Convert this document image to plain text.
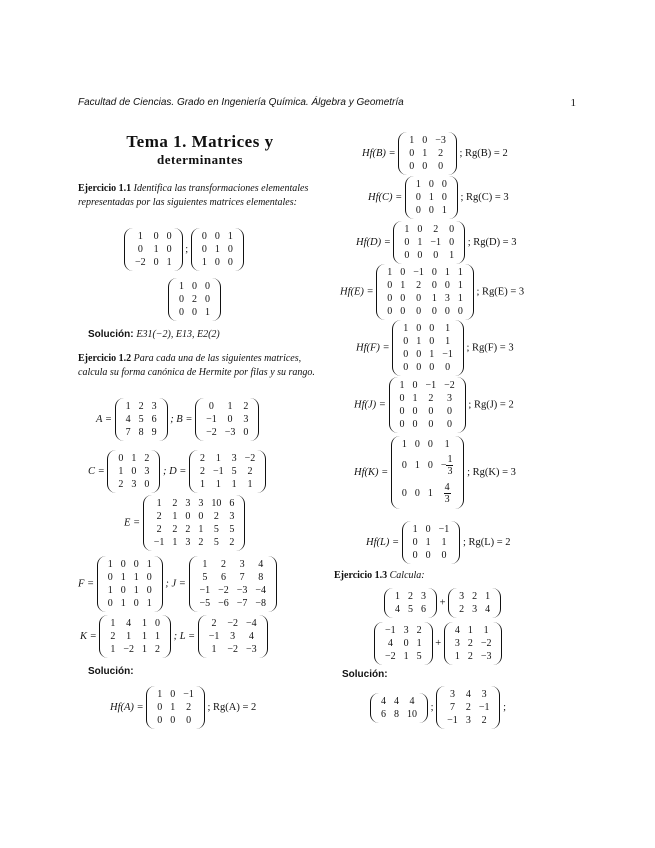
Facultad de Ciencias. Grado en Ingeniería Química. Álgebra y Geometría	1
Tema 1. Matrices y
determinantes
Ejercicio 1.1 Identifica las transformaciones elementales representadas por las siguientes matrices elementales:
1	0	0
0	1	0
−2	0	1
;
0	0	1
0	1	0
1	0	0
1	0	0
0	2	0
0	0	1
Solución: E31(−2), E13, E2(2)
Ejercicio 1.2 Para cada una de las siguientes matrices, calcula su forma canónica de Hermite por filas y su rango.
A =
1	2	3
4	5	6
7	8	9
; B =
0	1	2
−1	0	3
−2	−3	0
C =
0	1	2
1	0	3
2	3	0
; D =
2	1	3	−2
2	−1	5	2
1	1	1	1
E =
1	2	3	3	10	6
2	1	0	0	2	3
2	2	2	1	5	5
−1	1	3	2	5	2
F =
1	0	0	1
0	1	1	0
1	0	1	0
0	1	0	1
; J =
1	2	3	4
5	6	7	8
−1	−2	−3	−4
−5	−6	−7	−8
K =
1	4	1	0
2	1	1	1
1	−2	1	2
; L =
2	−2	−4
−1	3	4
1	−2	−3
Solución:
Hf(A) =
1	0	−1
0	1	2
0	0	0
; Rg(A) = 2
Hf(B) =
1	0	−3
0	1	2
0	0	0
; Rg(B) = 2
Hf(C) =
1	0	0
0	1	0
0	0	1
; Rg(C) = 3
Hf(D) =
1	0	2	0
0	1	−1	0
0	0	0	1
; Rg(D) = 3
Hf(E) =
1	0	−1	0	1	1
0	1	2	0	0	1
0	0	0	1	3	1
0	0	0	0	0	0
; Rg(E) = 3
Hf(F) =
1	0	0	1
0	1	0	1
0	0	1	−1
0	0	0	0
; Rg(F) = 3
Hf(J) =
1	0	−1	−2
0	1	2	3
0	0	0	0
0	0	0	0
; Rg(J) = 2
Hf(K) =
1	0	0	1
0	1	0	− $\frac{1}{3}$

0	0	1	$\frac{4}{3}$
; Rg(K) = 3
Hf(L) =
1	0	−1
0	1	1
0	0	0
; Rg(L) = 2
Ejercicio 1.3 Calcula:
1	2	3
4	5	6
+
3	2	1
2	3	4
−1	3	2
4	0	1
−2	1	5
+
4	1	1
3	2	−2
1	2	−3
Solución:
4	4	4
6	8	10
;
3	4	3
7	2	−1
−1	3	2
;
